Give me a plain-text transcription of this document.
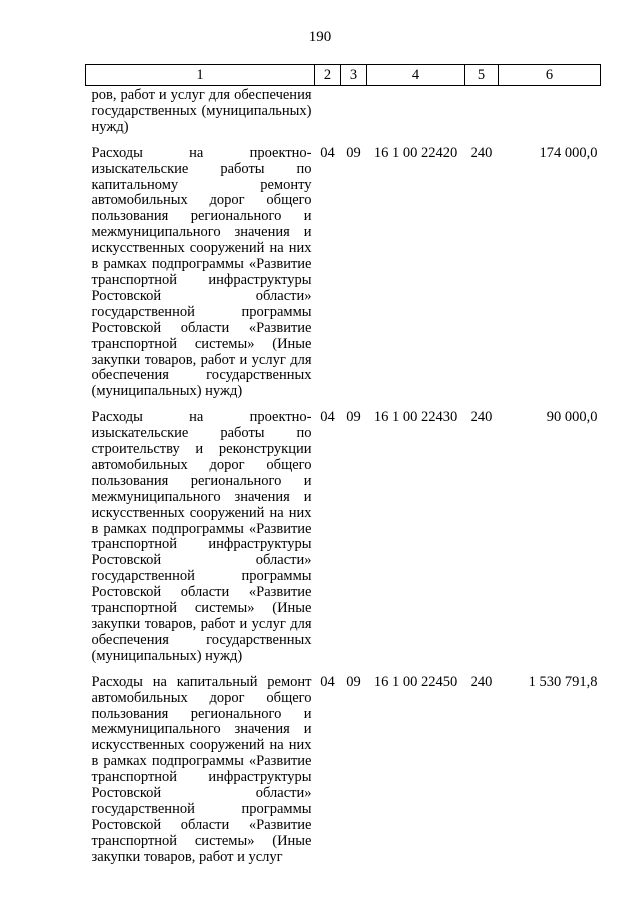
190
1	2	3	4	5	6
ров, работ и услуг для обеспечения государственных (муниципальных) нужд)					
Расходы на проектно-изыскательские работы по капитальному ремонту автомобильных дорог общего пользования регионального и межмуниципального значения и искусственных сооружений на них в рамках подпрограммы «Развитие транспортной инфраструктуры Ростовской области» государственной программы Ростовской области «Развитие транспортной системы» (Иные закупки товаров, работ и услуг для обеспечения государственных (муниципальных) нужд)	04	09	16 1 00 22420	240	174 000,0
Расходы на проектно-изыскательские работы по строительству и реконструкции автомобильных дорог общего пользования регионального и межмуниципального значения и искусственных сооружений на них в рамках подпрограммы «Развитие транспортной инфраструктуры Ростовской области» государственной программы Ростовской области «Развитие транспортной системы» (Иные закупки товаров, работ и услуг для обеспечения государственных (муниципальных) нужд)	04	09	16 1 00 22430	240	90 000,0
Расходы на капитальный ремонт автомобильных дорог общего пользования регионального и межмуниципального значения и искусственных сооружений на них в рамках подпрограммы «Развитие транспортной инфраструктуры Ростовской области» государственной программы Ростовской области «Развитие транспортной системы» (Иные закупки товаров, работ и услуг	04	09	16 1 00 22450	240	1 530 791,8
